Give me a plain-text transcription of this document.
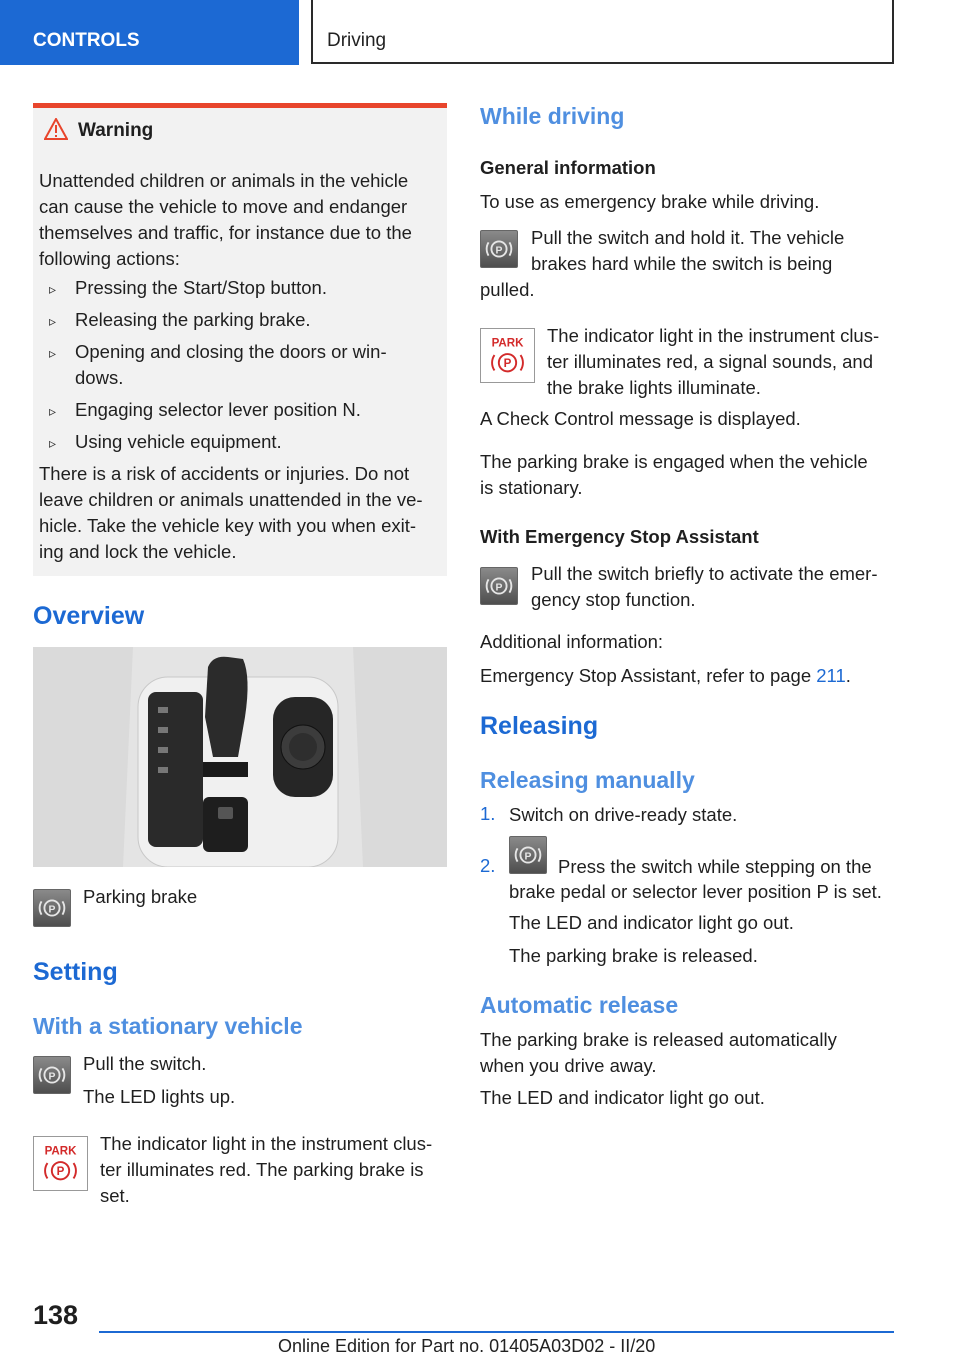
CONTROLS	Driving
Warning
Unattended children or animals in the vehicle
can cause the vehicle to move and endanger
themselves and traffic, for instance due to the
following actions:
▹ Pressing the Start/Stop button.
▹ Releasing the parking brake.
▹ Opening and closing the doors or win-
dows.
▹ Engaging selector lever position N.
▹ Using vehicle equipment.
There is a risk of accidents or injuries. Do not
leave children or animals unattended in the ve-
hicle. Take the vehicle key with you when exit-
ing and lock the vehicle.
Overview
P
Parking brake
Setting
With a stationary vehicle
P
Pull the switch.
The LED lights up.
PARK
P
The indicator light in the instrument clus-
ter illuminates red. The parking brake is
set.
While driving
General information
To use as emergency brake while driving.
P
Pull the switch and hold it. The vehicle
brakes hard while the switch is being
pulled.
PARK
P
The indicator light in the instrument clus-
ter illuminates red, a signal sounds, and
the brake lights illuminate.
A Check Control message is displayed.
The parking brake is engaged when the vehicle
is stationary.
With Emergency Stop Assistant
P
Pull the switch briefly to activate the emer-
gency stop function.
Additional information:
Emergency Stop Assistant, refer to page 211.
Releasing
Releasing manually
1. Switch on drive-ready state.
2.	P Press the switch while stepping on the
brake pedal or selector lever position P is set.
The LED and indicator light go out.
The parking brake is released.
Automatic release
The parking brake is released automatically
when you drive away.
The LED and indicator light go out.
138
Online Edition for Part no. 01405A03D02 - II/20
